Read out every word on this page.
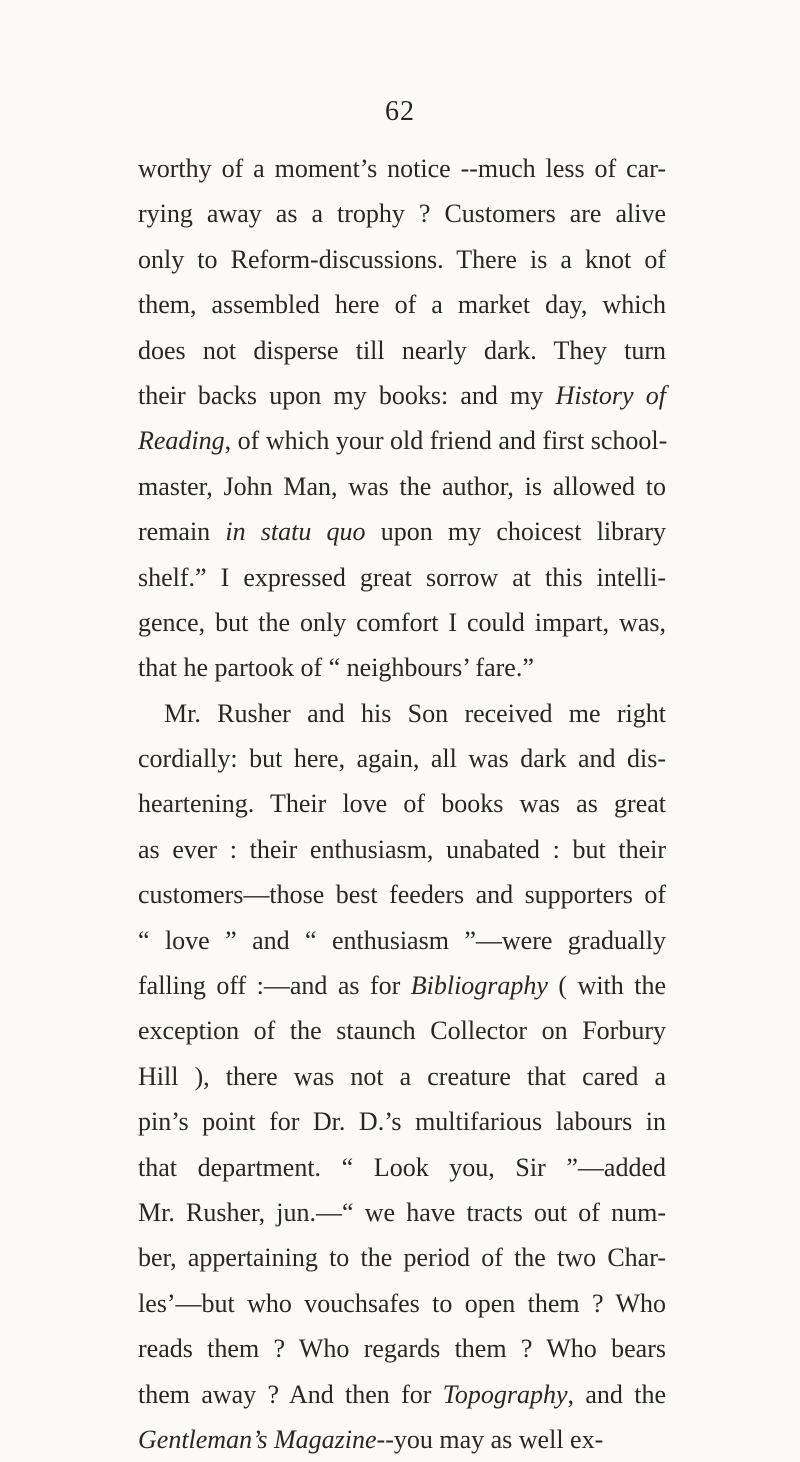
62
worthy of a moment’s notice --much less of car-
rying away as a trophy ? Customers are alive
only to Reform-discussions. There is a knot of
them, assembled here of a market day, which
does not disperse till nearly dark. They turn
their backs upon my books: and my History of
Reading, of which your old friend and first school-
master, John Man, was the author, is allowed to
remain in statu quo upon my choicest library
shelf.” I expressed great sorrow at this intelli-
gence, but the only comfort I could impart, was,
that he partook of “ neighbours’ fare.”
Mr. Rusher and his Son received me right
cordially: but here, again, all was dark and dis-
heartening. Their love of books was as great
as ever : their enthusiasm, unabated : but their
customers—those best feeders and supporters of
“ love ” and “ enthusiasm ”—were gradually
falling off :—and as for Bibliography ( with the
exception of the staunch Collector on Forbury
Hill ), there was not a creature that cared a
pin’s point for Dr. D.’s multifarious labours in
that department. “ Look you, Sir ”—added
Mr. Rusher, jun.—“ we have tracts out of num-
ber, appertaining to the period of the two Char-
les’—but who vouchsafes to open them ? Who
reads them ? Who regards them ? Who bears
them away ? And then for Topography, and the
Gentleman’s Magazine--you may as well ex-
